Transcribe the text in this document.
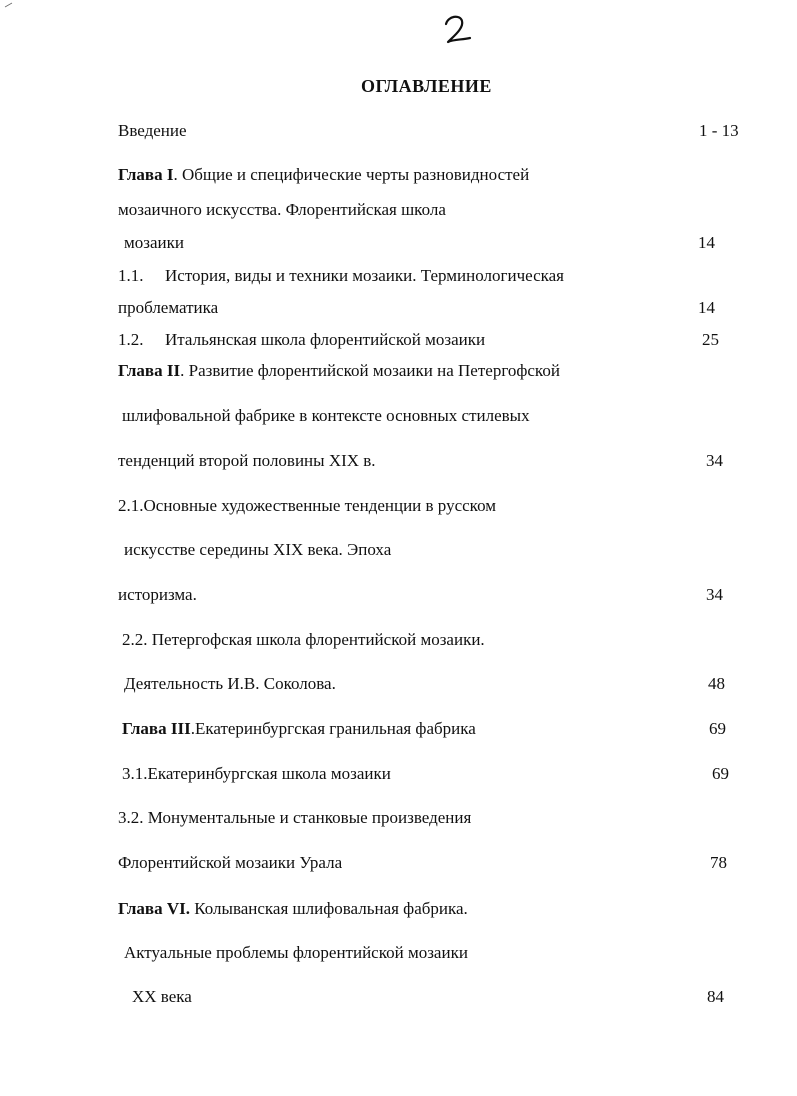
ОГЛАВЛЕНИЕ
Введение	1 - 13
Глава I. Общие и специфические черты разновидностей
мозаичного искусства. Флорентийская школа
мозаики	14
1.1. История, виды и техники мозаики. Терминологическая
проблематика	14
1.2. Итальянская школа флорентийской мозаики	25
Глава II. Развитие флорентийской мозаики на Петергофской
шлифовальной фабрике в контексте основных стилевых
тенденций второй половины XIX в.	34
2.1.Основные художественные тенденции в русском
искусстве середины XIX века. Эпоха
историзма.	34
2.2. Петергофская школа флорентийской мозаики.
Деятельность И.В. Соколова.	48
Глава III.Екатеринбургская гранильная фабрика	69
3.1.Екатеринбургская школа мозаики	69
3.2. Монументальные и станковые произведения
Флорентийской мозаики Урала	78
Глава VI. Колыванская шлифовальная фабрика.
Актуальные проблемы флорентийской мозаики
XX века	84
